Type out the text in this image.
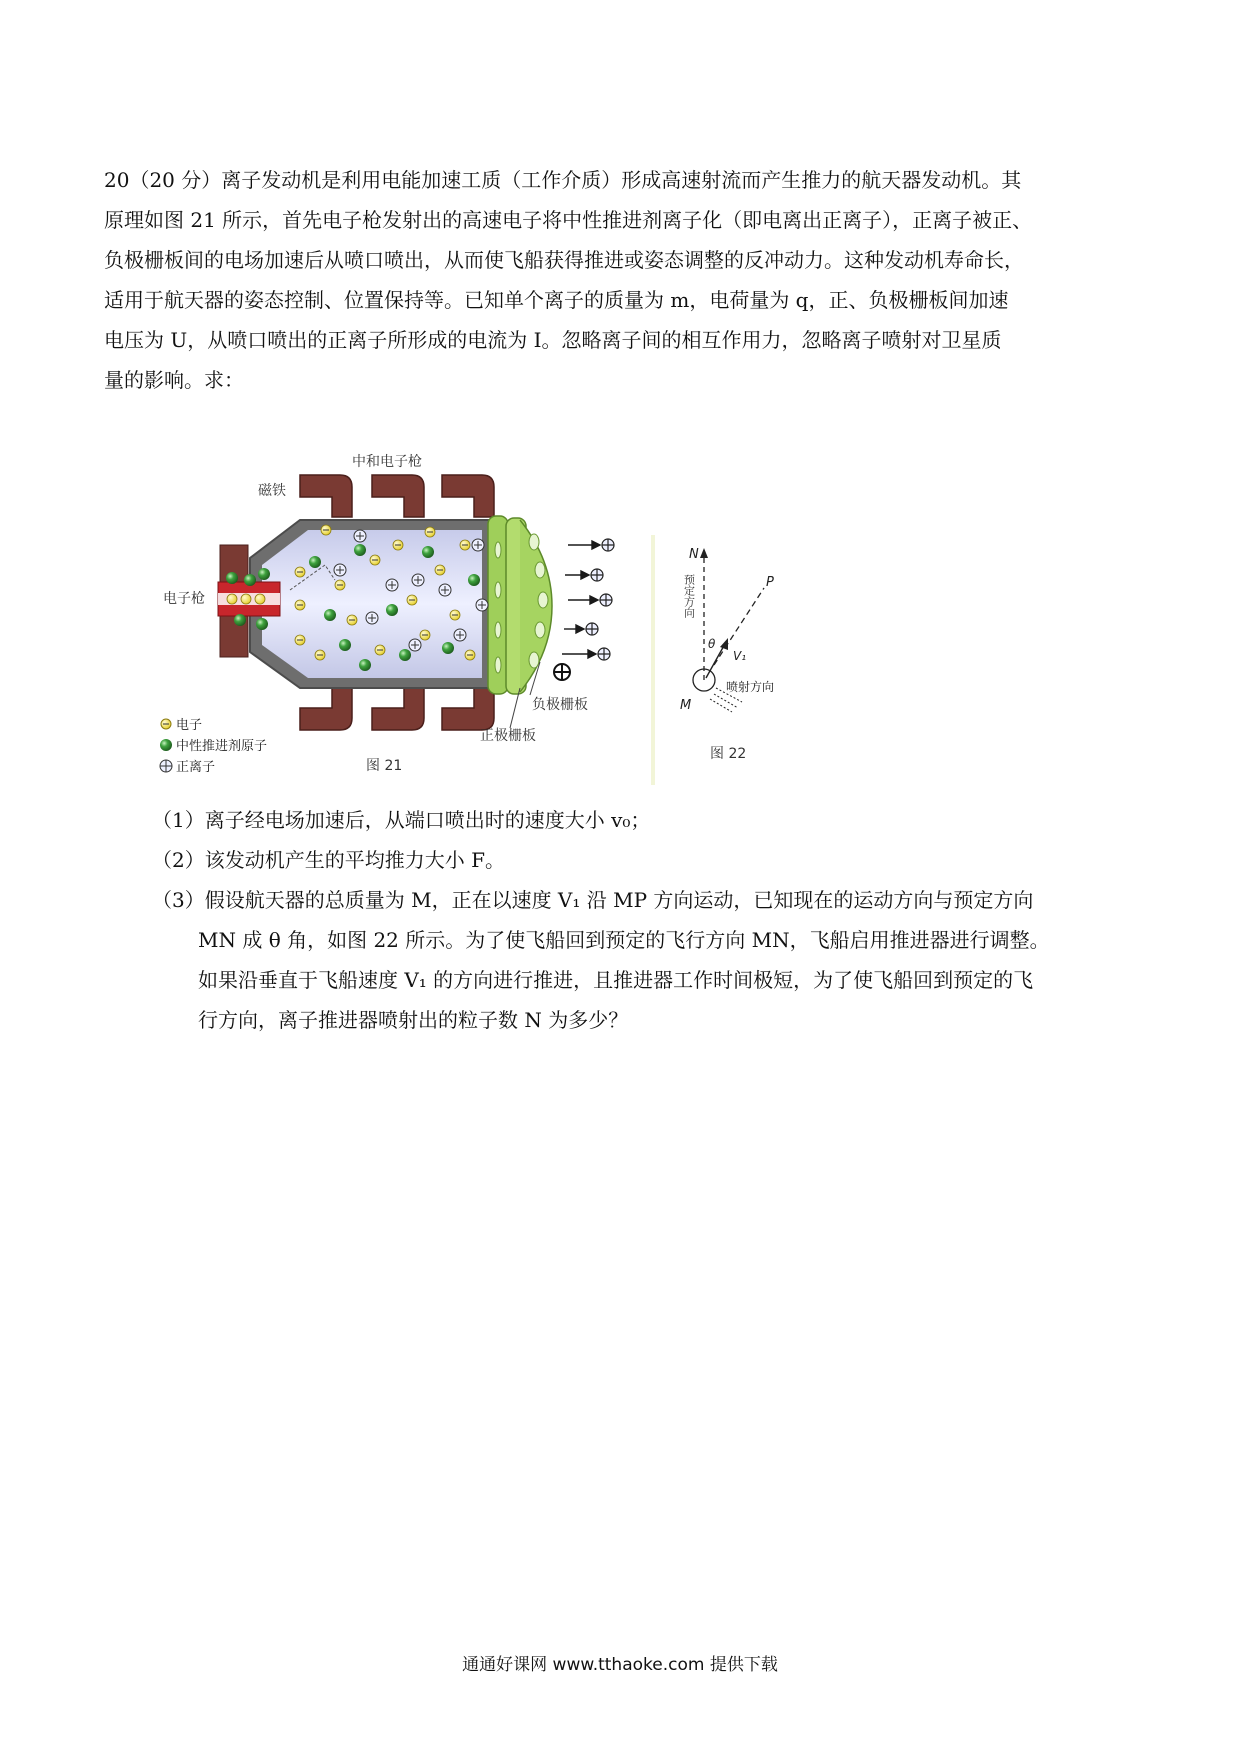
20（20 分）离子发动机是利用电能加速工质（工作介质）形成高速射流而产生推力的航天器发动机。其
原理如图 21 所示，首先电子枪发射出的高速电子将中性推进剂离子化（即电离出正离子），正离子被正、
负极栅板间的电场加速后从喷口喷出，从而使飞船获得推进或姿态调整的反冲动力。这种发动机寿命长，
适用于航天器的姿态控制、位置保持等。已知单个离子的质量为 m，电荷量为 q，正、负极栅板间加速
电压为 U，从喷口喷出的正离子所形成的电流为 I。忽略离子间的相互作用力，忽略离子喷射对卫星质
量的影响。求：
中和电子枪
磁铁
电子枪
负极栅板
正极栅板
电子
中性推进剂原子
正离子	图 21
N
预定方向	P
V₁
θ
M
喷射方向
图 22
（1）离子经电场加速后，从端口喷出时的速度大小 v₀；
（2）该发动机产生的平均推力大小 F。
（3）假设航天器的总质量为 M，正在以速度 V₁ 沿 MP 方向运动，已知现在的运动方向与预定方向
MN 成 θ 角，如图 22 所示。为了使飞船回到预定的飞行方向 MN，飞船启用推进器进行调整。
如果沿垂直于飞船速度 V₁ 的方向进行推进，且推进器工作时间极短，为了使飞船回到预定的飞
行方向，离子推进器喷射出的粒子数 N 为多少？
通通好课网 www.tthaoke.com 提供下载
